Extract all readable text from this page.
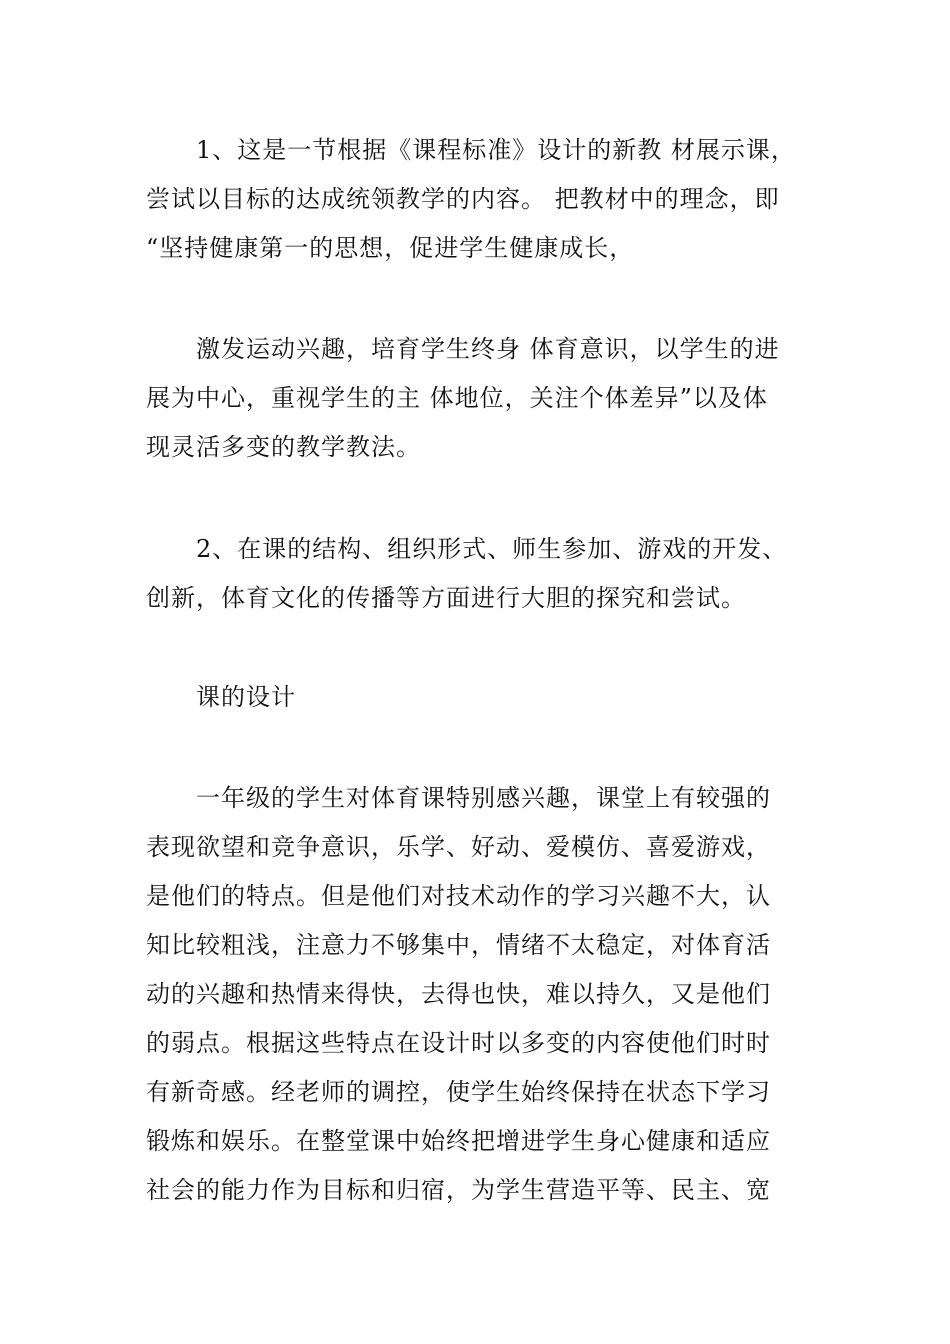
1、这是一节根据《课程标准》设计的新教 材展示课，
尝试以目标的达成统领教学的内容。 把教材中的理念，即
“坚持健康第一的思想，促进学生健康成长，
激发运动兴趣，培育学生终身 体育意识，以学生的进
展为中心，重视学生的主 体地位，关注个体差异”以及体
现灵活多变的教学教法。
2、在课的结构、组织形式、师生参加、游戏的开发、
创新，体育文化的传播等方面进行大胆的探究和尝试。
课的设计
一年级的学生对体育课特别感兴趣，课堂上有较强的
表现欲望和竞争意识，乐学、好动、爱模仿、喜爱游戏，
是他们的特点。但是他们对技术动作的学习兴趣不大，认
知比较粗浅，注意力不够集中，情绪不太稳定，对体育活
动的兴趣和热情来得快，去得也快，难以持久，又是他们
的弱点。根据这些特点在设计时以多变的内容使他们时时
有新奇感。经老师的调控，使学生始终保持在状态下学习
锻炼和娱乐。在整堂课中始终把增进学生身心健康和适应
社会的能力作为目标和归宿，为学生营造平等、民主、宽
